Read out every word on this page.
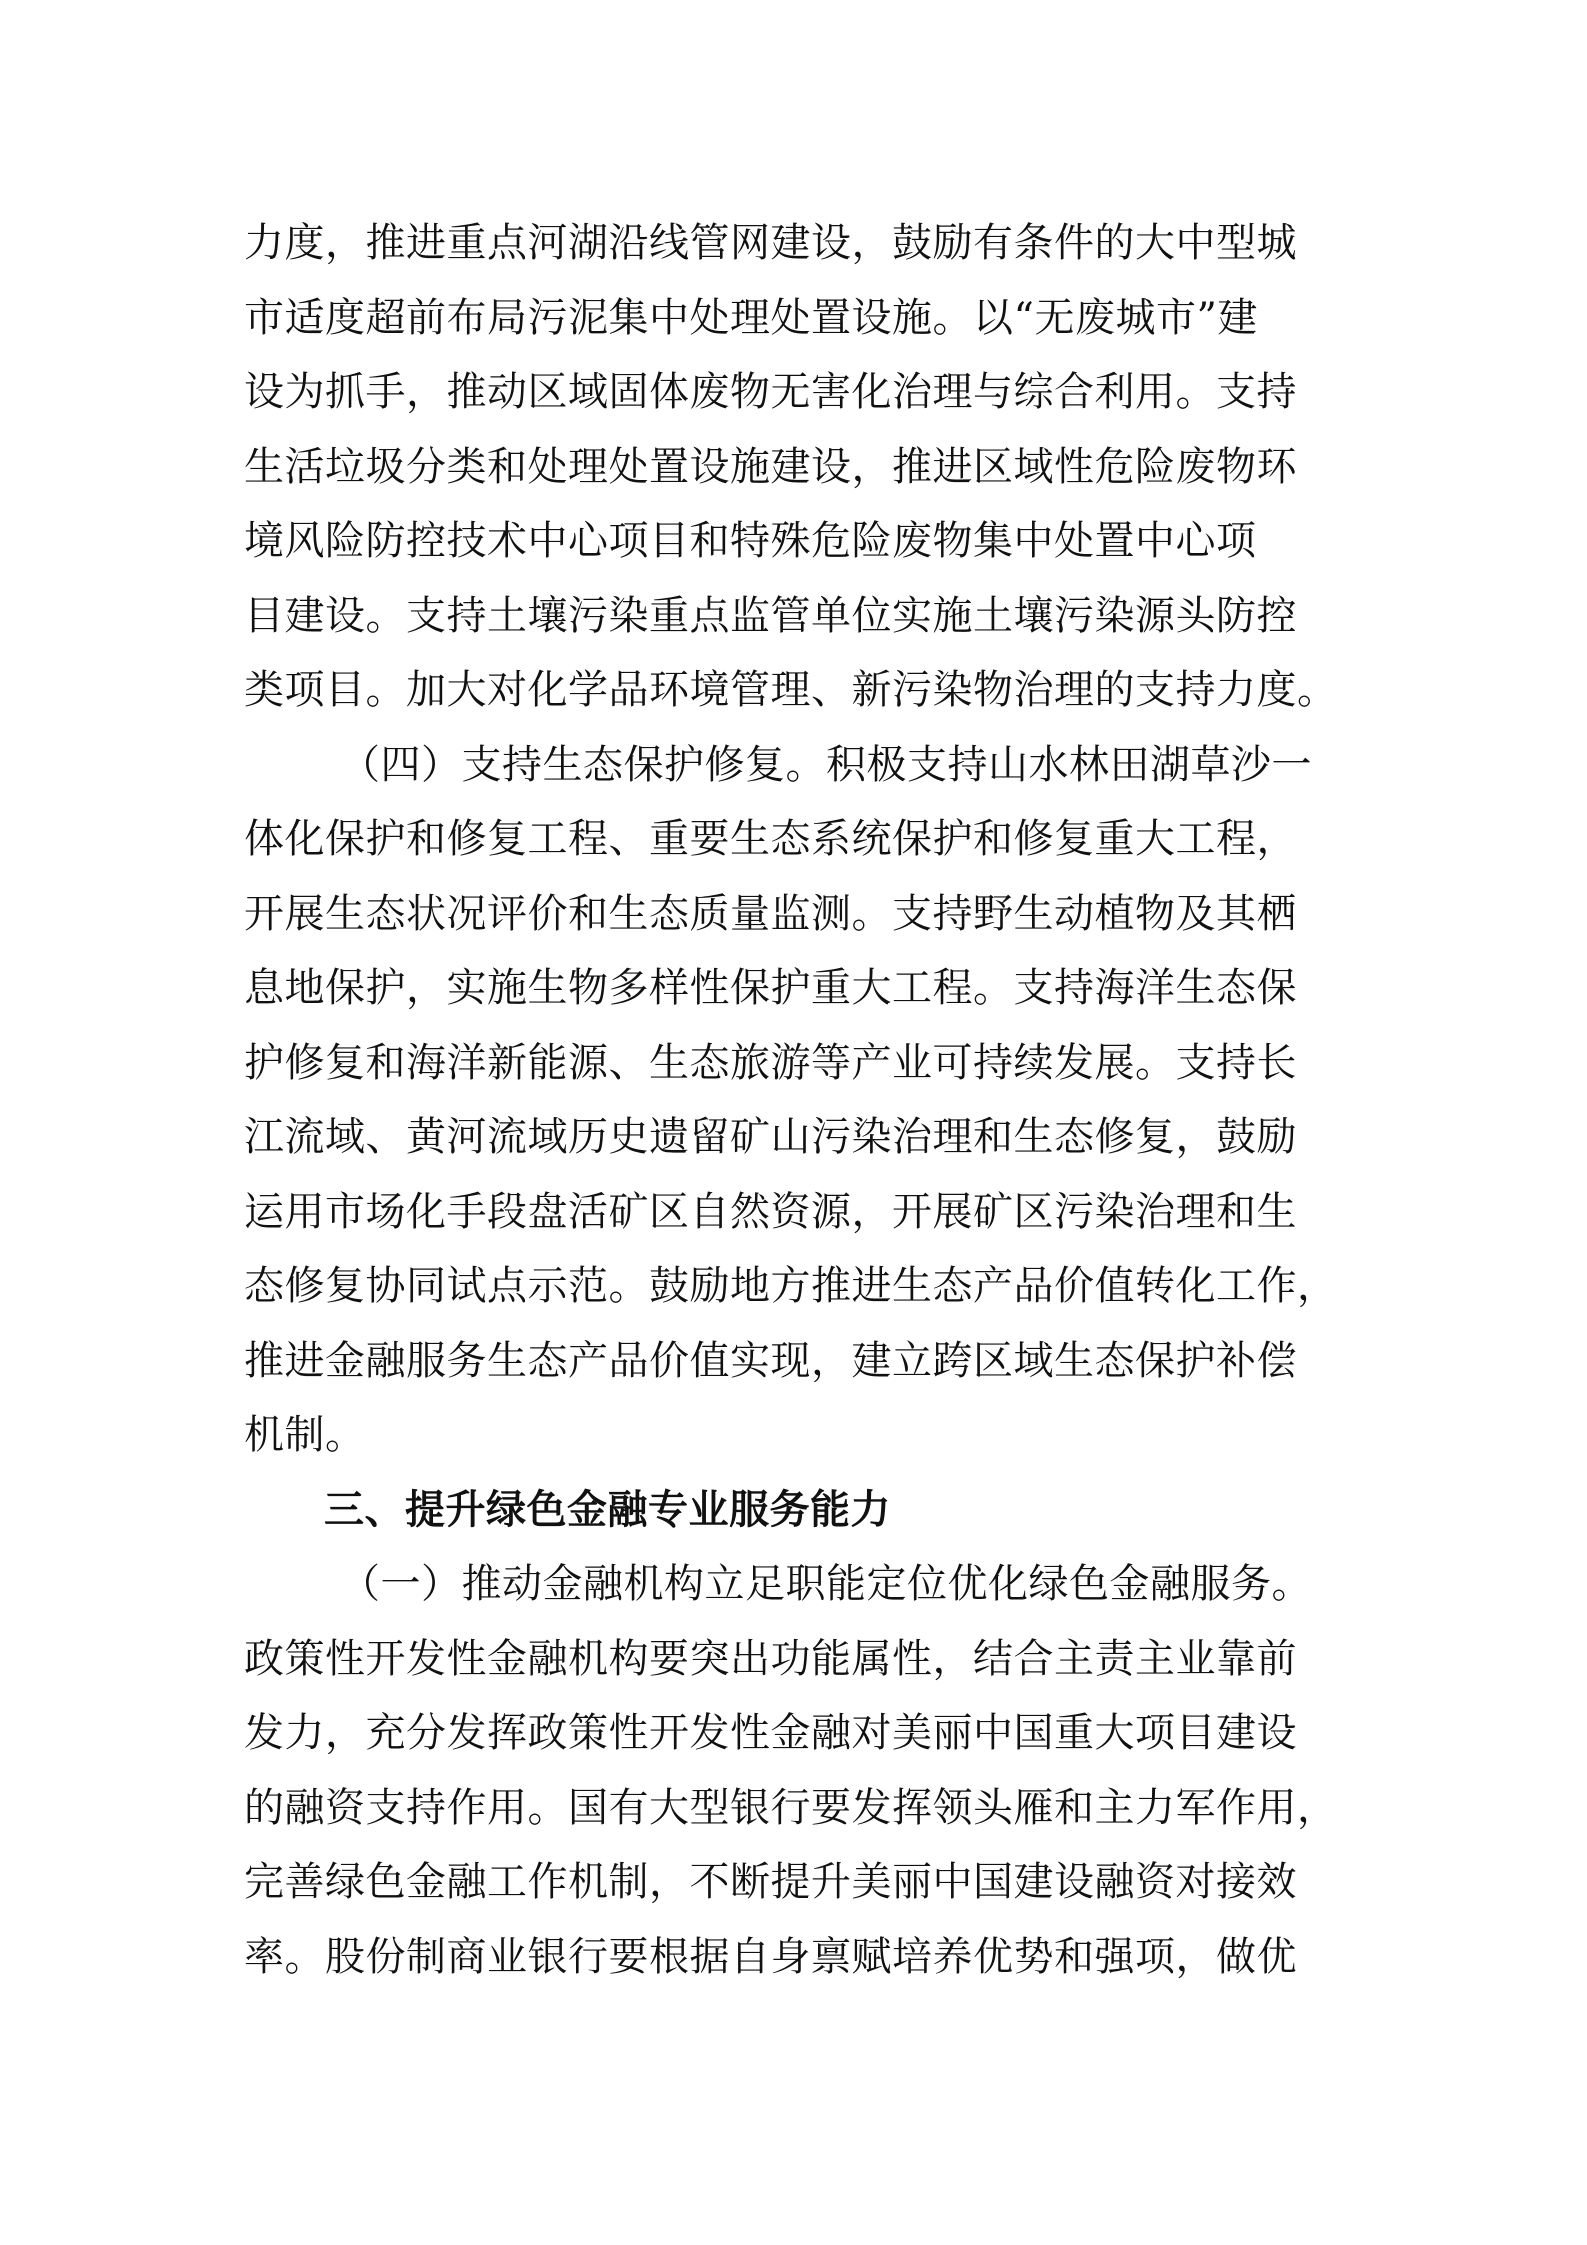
力度，推进重点河湖沿线管网建设，鼓励有条件的大中型城
市适度超前布局污泥集中处理处置设施。以“无废城市”建
设为抓手，推动区域固体废物无害化治理与综合利用。支持
生活垃圾分类和处理处置设施建设，推进区域性危险废物环
境风险防控技术中心项目和特殊危险废物集中处置中心项
目建设。支持土壤污染重点监管单位实施土壤污染源头防控
类项目。加大对化学品环境管理、新污染物治理的支持力度。
（四）支持生态保护修复。积极支持山水林田湖草沙一
体化保护和修复工程、重要生态系统保护和修复重大工程，
开展生态状况评价和生态质量监测。支持野生动植物及其栖
息地保护，实施生物多样性保护重大工程。支持海洋生态保
护修复和海洋新能源、生态旅游等产业可持续发展。支持长
江流域、黄河流域历史遗留矿山污染治理和生态修复，鼓励
运用市场化手段盘活矿区自然资源，开展矿区污染治理和生
态修复协同试点示范。鼓励地方推进生态产品价值转化工作，
推进金融服务生态产品价值实现，建立跨区域生态保护补偿
机制。
三、提升绿色金融专业服务能力
（一）推动金融机构立足职能定位优化绿色金融服务。
政策性开发性金融机构要突出功能属性，结合主责主业靠前
发力，充分发挥政策性开发性金融对美丽中国重大项目建设
的融资支持作用。国有大型银行要发挥领头雁和主力军作用，
完善绿色金融工作机制，不断提升美丽中国建设融资对接效
率。股份制商业银行要根据自身禀赋培养优势和强项，做优
